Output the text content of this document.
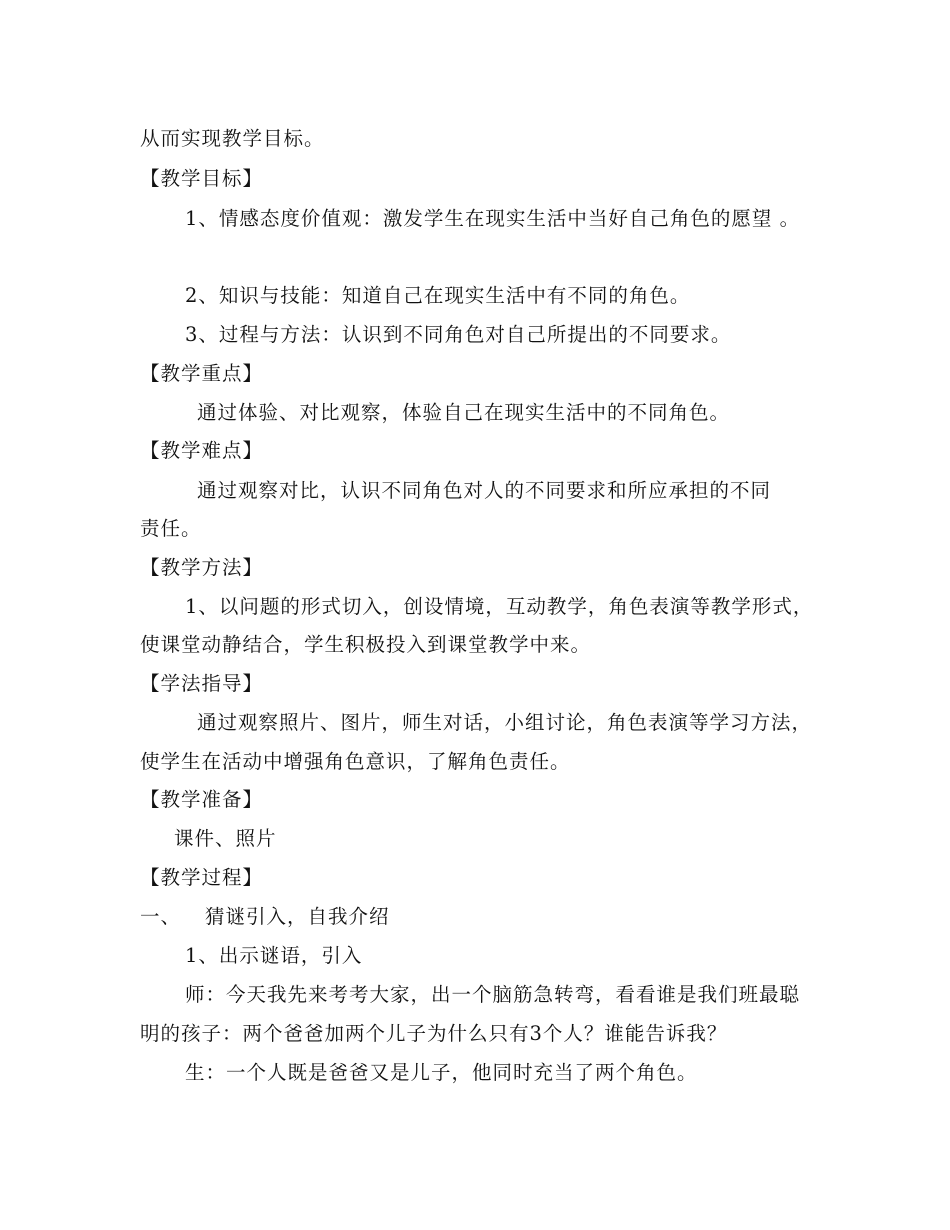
从而实现教学目标。
【教学目标】
1、情感态度价值观：激发学生在现实生活中当好自己角色的愿望 。
2、知识与技能：知道自己在现实生活中有不同的角色。
3、过程与方法：认识到不同角色对自己所提出的不同要求。
【教学重点】
通过体验、对比观察，体验自己在现实生活中的不同角色。
【教学难点】
通过观察对比，认识不同角色对人的不同要求和所应承担的不同
责任。
【教学方法】
1、以问题的形式切入，创设情境，互动教学，角色表演等教学形式，
使课堂动静结合，学生积极投入到课堂教学中来。
【学法指导】
通过观察照片、图片，师生对话，小组讨论，角色表演等学习方法，
使学生在活动中增强角色意识，了解角色责任。
【教学准备】
课件、照片
【教学过程】
一、 猜谜引入，自我介绍
1、出示谜语，引入
师：今天我先来考考大家，出一个脑筋急转弯，看看谁是我们班最聪
明的孩子：两个爸爸加两个儿子为什么只有3个人？谁能告诉我？
生：一个人既是爸爸又是儿子，他同时充当了两个角色。
